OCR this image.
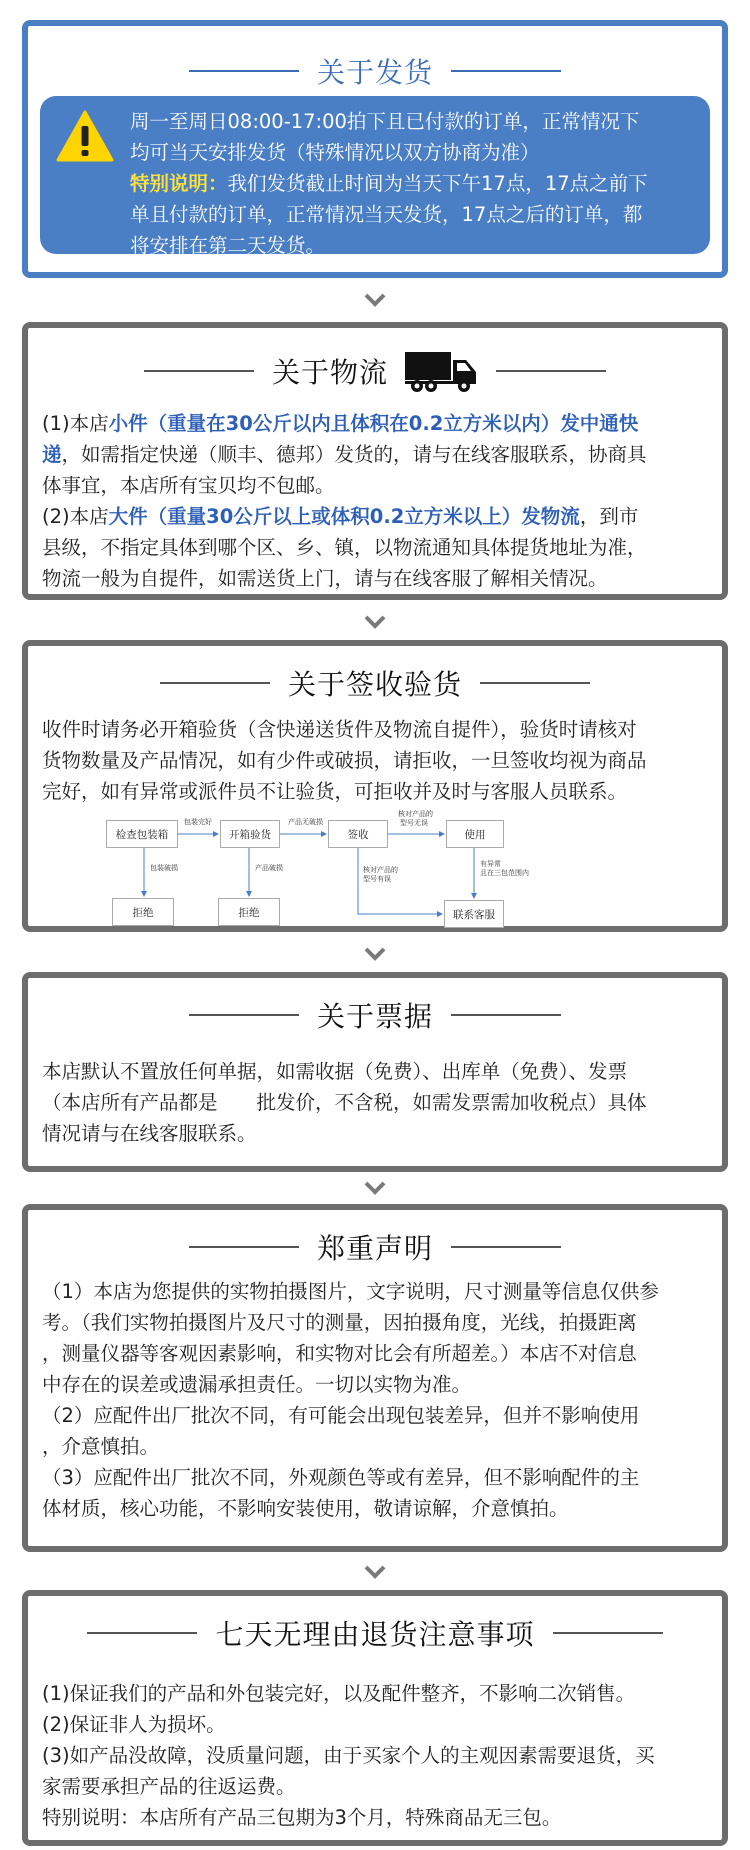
关于发货
周一至周日08:00-17:00拍下且已付款的订单，正常情况下
均可当天安排发货（特殊情况以双方协商为准）
特别说明：我们发货截止时间为当天下午17点，17点之前下
单且付款的订单，正常情况当天发货，17点之后的订单，都
将安排在第二天发货。
关于物流
(1)本店小件（重量在30公斤以内且体积在0.2立方米以内）发中通快
递，如需指定快递（顺丰、德邦）发货的，请与在线客服联系，协商具
体事宜，本店所有宝贝均不包邮。
(2)本店大件（重量30公斤以上或体积0.2立方米以上）发物流，到市
县级，不指定具体到哪个区、乡、镇，以物流通知具体提货地址为准，
物流一般为自提件，如需送货上门，请与在线客服了解相关情况。
关于签收验货
收件时请务必开箱验货（含快递送货件及物流自提件），验货时请核对
货物数量及产品情况，如有少件或破损，请拒收，一旦签收均视为商品
完好，如有异常或派件员不让验货，可拒收并及时与客服人员联系。
检查包装箱	开箱验货	签收	使用
拒绝	拒绝	联系客服
包装完好	产品无破损
核对产品的
型号无误
包装破损	产品破损	核对产品的
型号有误
有异常
且在三包范围内
关于票据
本店默认不置放任何单据，如需收据（免费）、出库单（免费）、发票
（本店所有产品都是　　批发价，不含税，如需发票需加收税点）具体
情况请与在线客服联系。
郑重声明
（1）本店为您提供的实物拍摄图片，文字说明，尺寸测量等信息仅供参
考。（我们实物拍摄图片及尺寸的测量，因拍摄角度，光线，拍摄距离
，测量仪器等客观因素影响，和实物对比会有所超差。）本店不对信息
中存在的误差或遗漏承担责任。一切以实物为准。
（2）应配件出厂批次不同，有可能会出现包装差异，但并不影响使用
，介意慎拍。
（3）应配件出厂批次不同，外观颜色等或有差异，但不影响配件的主
体材质，核心功能，不影响安装使用，敬请谅解，介意慎拍。
七天无理由退货注意事项
(1)保证我们的产品和外包装完好，以及配件整齐，不影响二次销售。
(2)保证非人为损坏。
(3)如产品没故障，没质量问题，由于买家个人的主观因素需要退货，买
家需要承担产品的往返运费。
特别说明：本店所有产品三包期为3个月，特殊商品无三包。
